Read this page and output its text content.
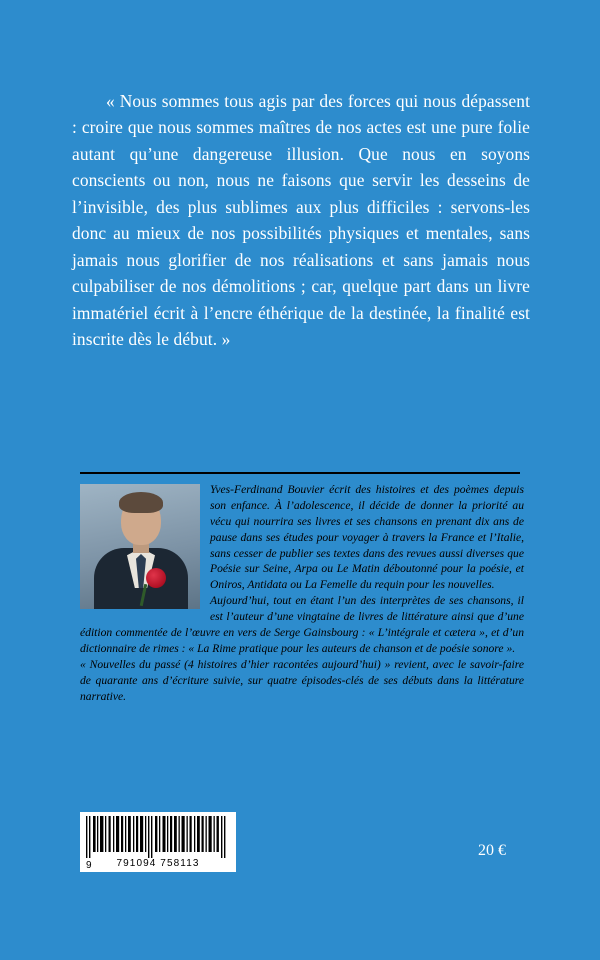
« Nous sommes tous agis par des forces qui nous dépassent : croire que nous sommes maîtres de nos actes est une pure folie autant qu’une dangereuse illusion. Que nous en soyons conscients ou non, nous ne faisons que servir les desseins de l’invisible, des plus sublimes aux plus difficiles : servons-les donc au mieux de nos possibilités physiques et mentales, sans jamais nous glorifier de nos réalisations et sans jamais nous culpabiliser de nos démolitions ; car, quelque part dans un livre immatériel écrit à l’encre éthérique de la destinée, la finalité est inscrite dès le début. »

Yves-Ferdinand Bouvier écrit des histoires et des poèmes depuis son enfance. À l’adolescence, il décide de donner la priorité au vécu qui nourrira ses livres et ses chansons en prenant dix ans de pause dans ses études pour voyager à travers la France et l’Italie, sans cesser de publier ses textes dans des revues aussi diverses que Poésie sur Seine, Arpa ou Le Matin déboutonné pour la poésie, et Oniros, Antidata ou La Femelle du requin pour les nouvelles.

Aujourd’hui, tout en étant l’un des interprètes de ses chansons, il est l’auteur d’une vingtaine de livres de littérature ainsi que d’une édition commentée de l’œuvre en vers de Serge Gainsbourg : « L’intégrale et cætera », et d’un dictionnaire de rimes : « La Rime pratique pour les auteurs de chanson et de poésie sonore ».

« Nouvelles du passé (4 histoires d’hier racontées aujourd’hui) » revient, avec le savoir-faire de quarante ans d’écriture suivie, sur quatre épisodes-clés de ses débuts dans la littérature narrative.

791094 758113
9
20 €
